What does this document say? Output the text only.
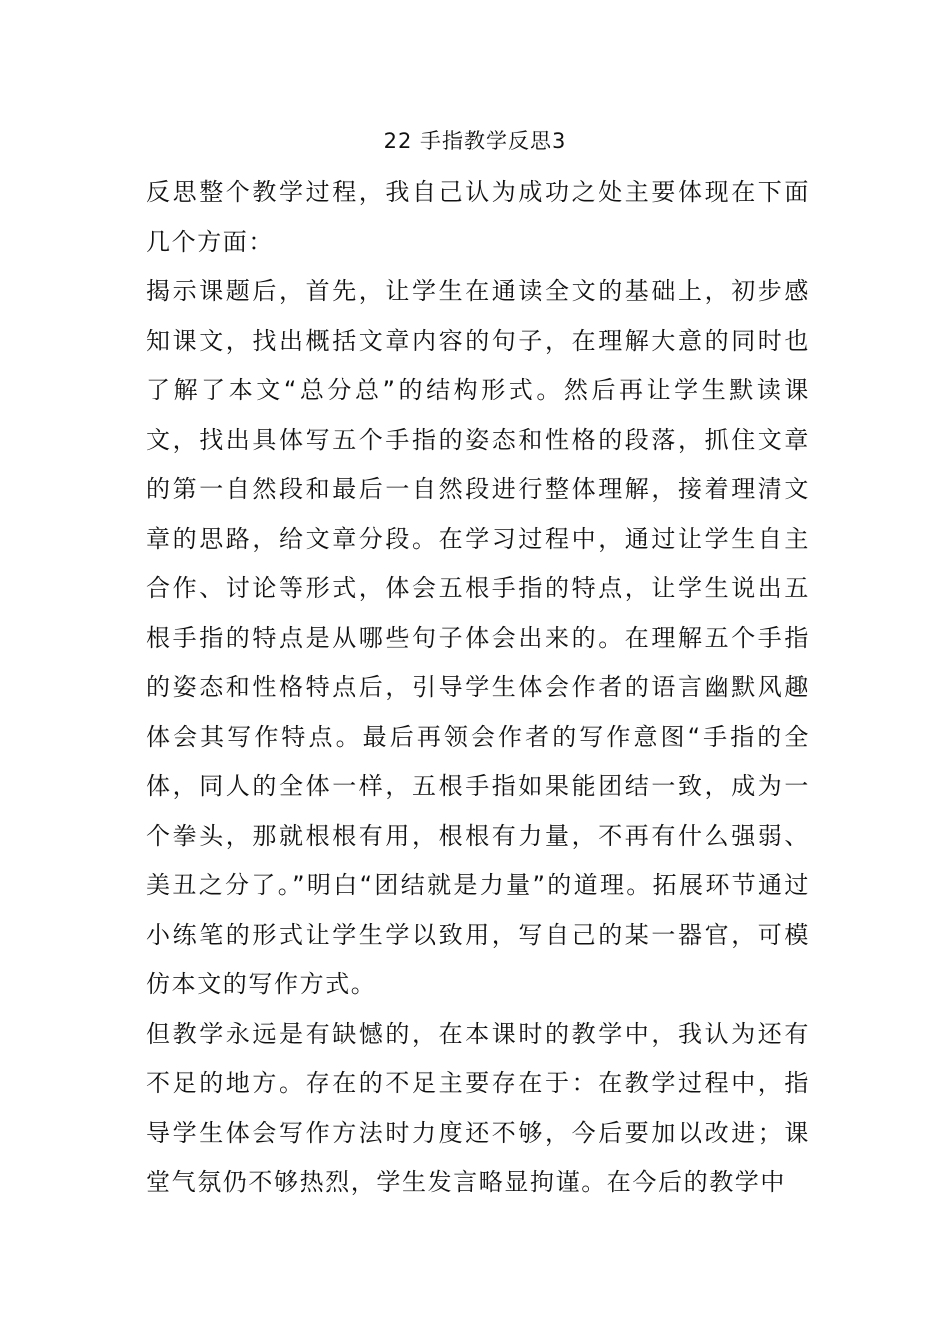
22 手指教学反思3

反思整个教学过程，我自己认为成功之处主要体现在下面几个方面：

揭示课题后，首先，让学生在通读全文的基础上，初步感知课文，找出概括文章内容的句子，在理解大意的同时也了解了本文“总分总”的结构形式。然后再让学生默读课文，找出具体写五个手指的姿态和性格的段落，抓住文章的第一自然段和最后一自然段进行整体理解，接着理清文章的思路，给文章分段。在学习过程中，通过让学生自主合作、讨论等形式，体会五根手指的特点，让学生说出五根手指的特点是从哪些句子体会出来的。在理解五个手指的姿态和性格特点后，引导学生体会作者的语言幽默风趣体会其写作特点。最后再领会作者的写作意图“手指的全体，同人的全体一样，五根手指如果能团结一致，成为一个拳头，那就根根有用，根根有力量，不再有什么强弱、美丑之分了。”明白“团结就是力量”的道理。拓展环节通过小练笔的形式让学生学以致用，写自己的某一器官，可模仿本文的写作方式。

但教学永远是有缺憾的，在本课时的教学中，我认为还有不足的地方。存在的不足主要存在于：在教学过程中，指导学生体会写作方法时力度还不够，今后要加以改进；课堂气氛仍不够热烈，学生发言略显拘谨。在今后的教学中
